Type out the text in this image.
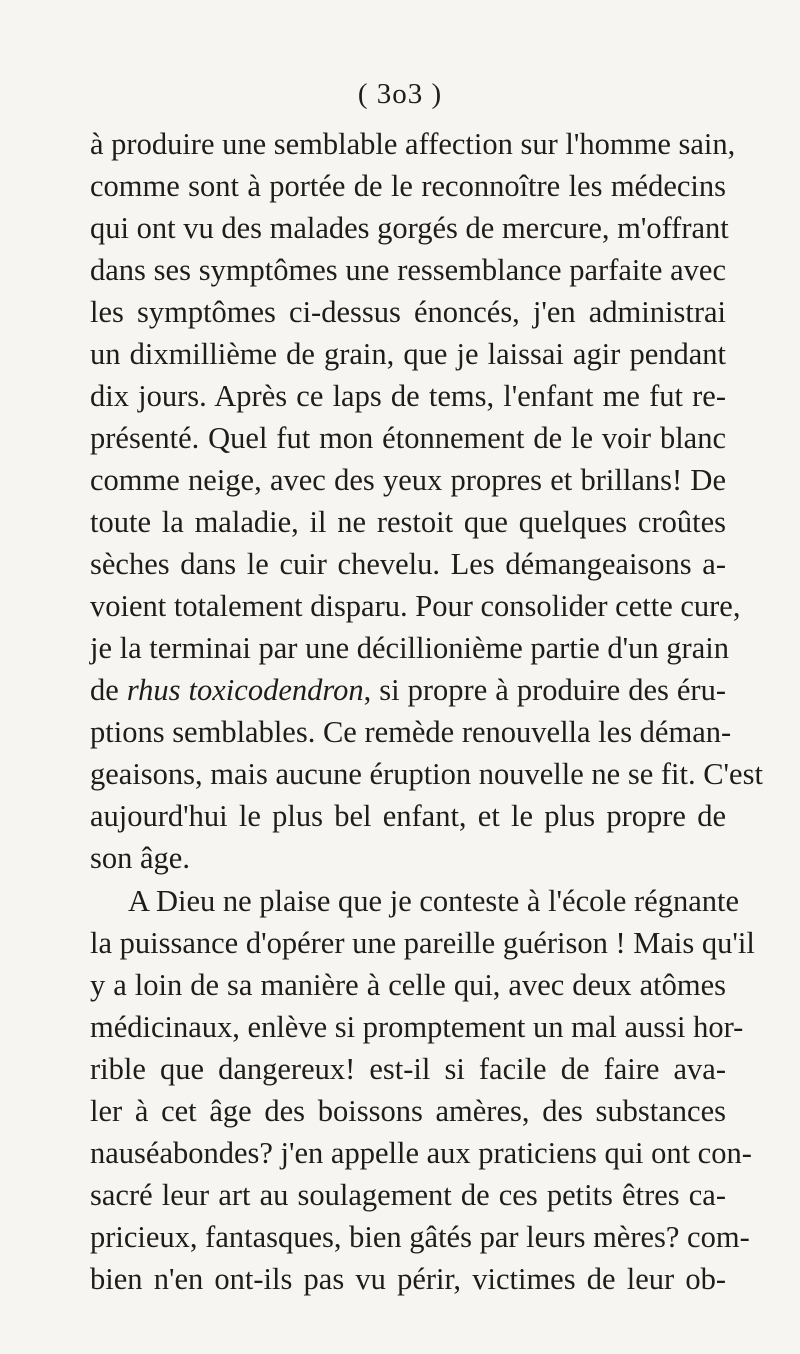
( 3o3 )
à produire une semblable affection sur l'homme sain,
comme sont à portée de le reconnoître les médecins
qui ont vu des malades gorgés de mercure, m'offrant
dans ses symptômes une ressemblance parfaite avec
les symptômes ci-dessus énoncés, j'en administrai
un dixmillième de grain, que je laissai agir pendant
dix jours. Après ce laps de tems, l'enfant me fut re-
présenté. Quel fut mon étonnement de le voir blanc
comme neige, avec des yeux propres et brillans! De
toute la maladie, il ne restoit que quelques croûtes
sèches dans le cuir chevelu. Les démangeaisons a-
voient totalement disparu. Pour consolider cette cure,
je la terminai par une décillionième partie d'un grain
de rhus toxicodendron, si propre à produire des éru-
ptions semblables. Ce remède renouvella les déman-
geaisons, mais aucune éruption nouvelle ne se fit. C'est
aujourd'hui le plus bel enfant, et le plus propre de
son âge.
A Dieu ne plaise que je conteste à l'école régnante
la puissance d'opérer une pareille guérison ! Mais qu'il
y a loin de sa manière à celle qui, avec deux atômes
médicinaux, enlève si promptement un mal aussi hor-
rible que dangereux! est-il si facile de faire ava-
ler à cet âge des boissons amères, des substances
nauséabondes? j'en appelle aux praticiens qui ont con-
sacré leur art au soulagement de ces petits êtres ca-
pricieux, fantasques, bien gâtés par leurs mères? com-
bien n'en ont-ils pas vu périr, victimes de leur ob-
